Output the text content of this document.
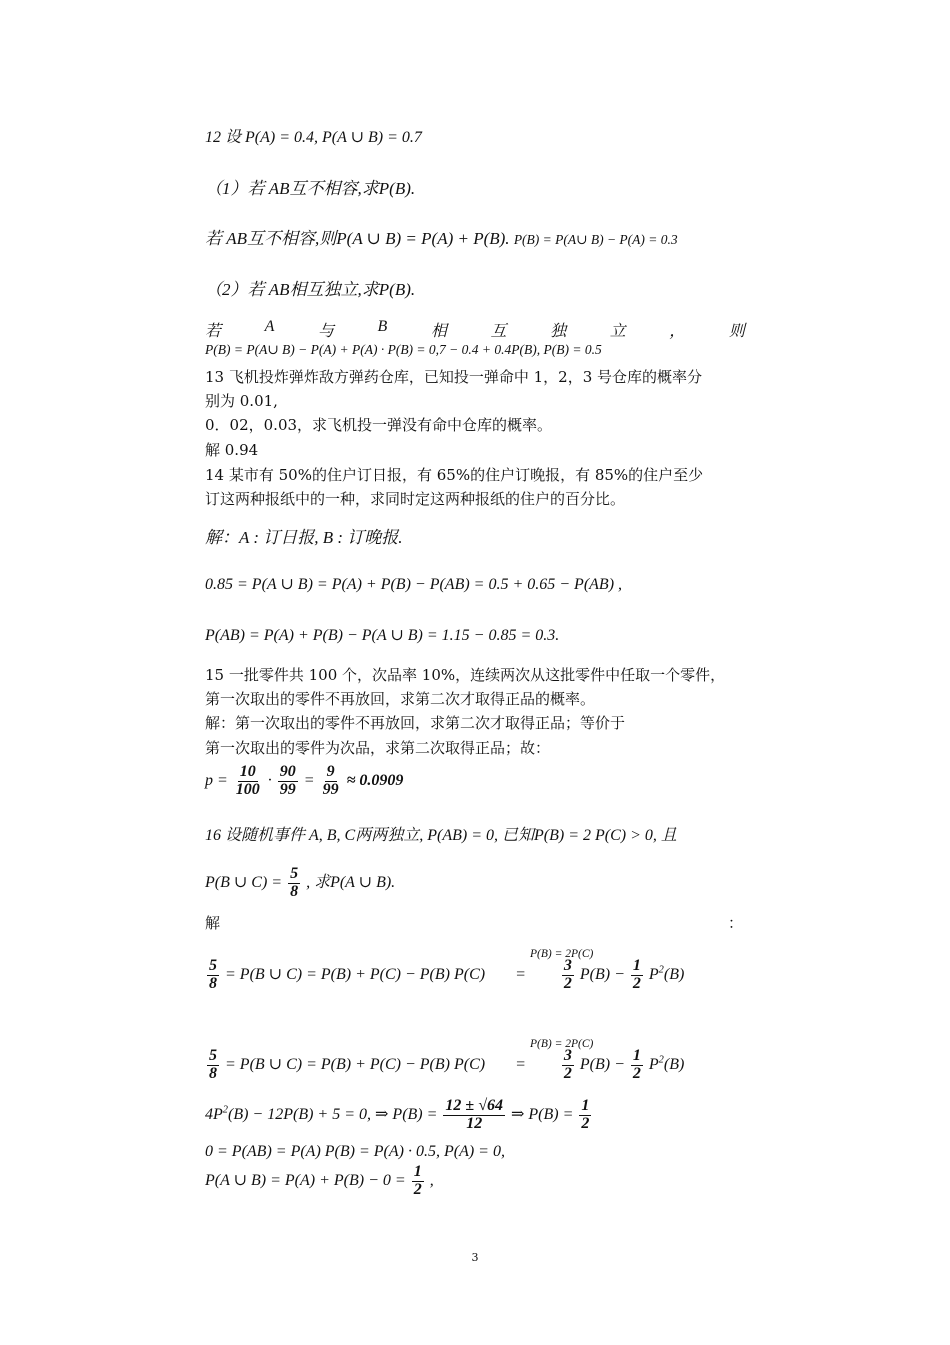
12 设 P(A) = 0.4, P(A ∪ B) = 0.7
（1）若 AB互不相容,求P(B).
若 AB互不相容,则P(A ∪ B) = P(A) + P(B). P(B) = P(A∪ B) − P(A) = 0.3
（2）若 AB相互独立,求P(B).
若	A	与	B	相	互	独	立	，	则
P(B) = P(A∪ B) − P(A) + P(A) · P(B) = 0,7 − 0.4 + 0.4P(B), P(B) = 0.5
13 飞机投炸弹炸敌方弹药仓库，已知投一弹命中 1，2，3 号仓库的概率分
别为 0.01,
0．02，0.03，求飞机投一弹没有命中仓库的概率。
解 0.94
14 某市有 50%的住户订日报，有 65%的住户订晚报，有 85%的住户至少
订这两种报纸中的一种，求同时定这两种报纸的住户的百分比。
解：A : 订日报, B : 订晚报.
0.85 = P(A ∪ B) = P(A) + P(B) − P(AB) = 0.5 + 0.65 − P(AB) ,
P(AB) = P(A) + P(B) − P(A ∪ B) = 1.15 − 0.85 = 0.3.
15 一批零件共 100 个，次品率 10%，连续两次从这批零件中任取一个零件，
第一次取出的零件不再放回，求第二次才取得正品的概率。
解：第一次取出的零件不再放回，求第二次才取得正品；等价于
第一次取出的零件为次品，求第二次取得正品；故：
$p = \frac{10}{100} \cdot \frac{90}{99} = \frac{9}{99} \approx 0.0909$
16 设随机事件 A, B, C两两独立, P(AB) = 0, 已知P(B) = 2 P(C) > 0, 且
P(B ∪ $C) = \frac{5}{8}$ , 求P(A ∪ B).
解	：
P(B) = 2P(C)
$\frac{5}{8} = P(B$ ∪ C) = P(B) + P(C) − P(B) $P(C) = \frac{3}{2} P(B) - \frac{1}{2} P^2(B)$
P(B) = 2P(C)
$\frac{5}{8} = P(B$ ∪ C) = P(B) + P(C) − P(B) $P(C) = \frac{3}{2} P(B) - \frac{1}{2} P^2(B)$
$4P^2(B) - 12P(B) + 5 = 0$, ⇒ $P(B) = \frac{12 \pm √64}{12}$ ⇒ $P(B) = \frac{1}{2}$
0 = P(AB) = P(A) P(B) = P(A) · 0.5, P(A) = 0,
P(A ∪ $B) = P(A) + P(B) - 0 = \frac{1}{2}$ ,
3
